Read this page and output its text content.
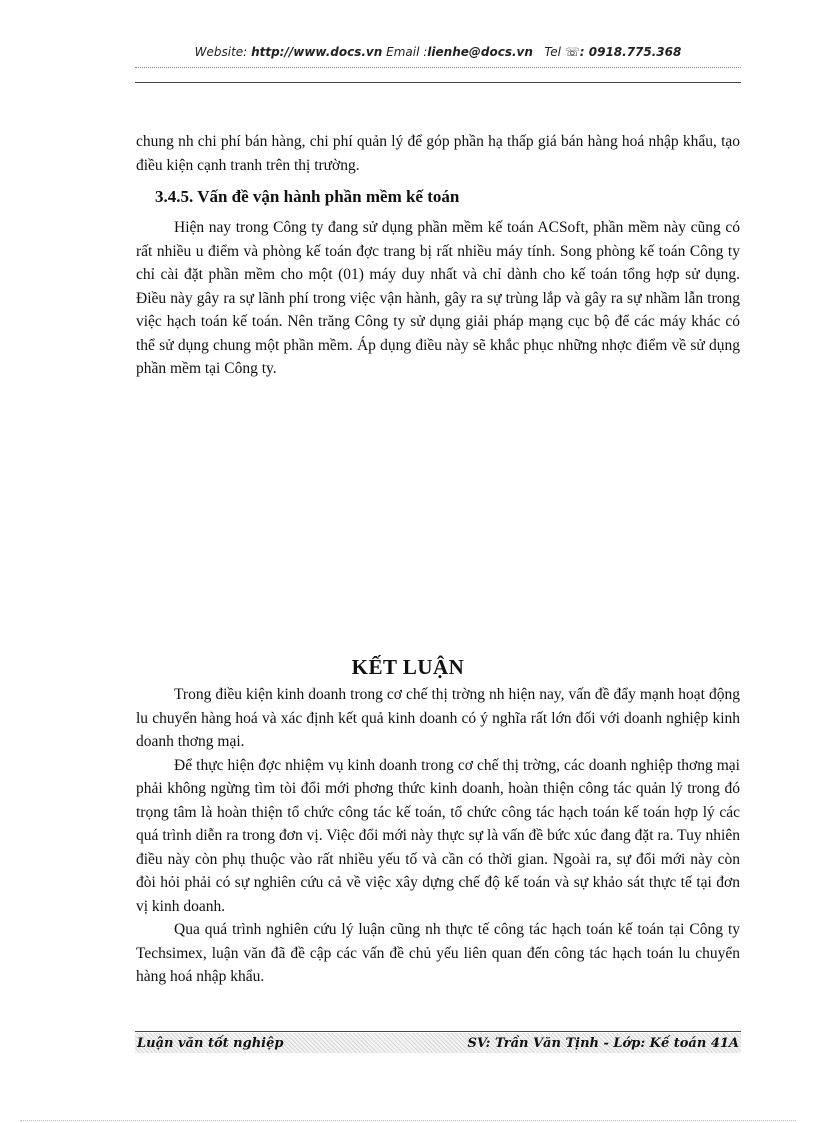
Website: http://www.docs.vn Email :lienhe@docs.vn Tel ☏: 0918.775.368

chung nh chi phí bán hàng, chi phí quản lý để góp phần hạ thấp giá bán hàng hoá nhập khẩu, tạo điều kiện cạnh tranh trên thị trường.

3.4.5. Vấn đề vận hành phần mềm kế toán

Hiện nay trong Công ty đang sử dụng phần mềm kế toán ACSoft, phần mềm này cũng có rất nhiều u điểm và phòng kế toán đợc trang bị rất nhiều máy tính. Song phòng kế toán Công ty chỉ cài đặt phần mềm cho một (01) máy duy nhất và chỉ dành cho kế toán tổng hợp sử dụng. Điều này gây ra sự lãnh phí trong việc vận hành, gây ra sự trùng lắp và gây ra sự nhầm lẫn trong việc hạch toán kế toán. Nên trăng Công ty sử dụng giải pháp mạng cục bộ để các máy khác có thể sử dụng chung một phần mềm. Áp dụng điều này sẽ khắc phục những nhợc điểm về sử dụng phần mềm tại Công ty.

KẾT LUẬN

Trong điều kiện kinh doanh trong cơ chế thị trờng nh hiện nay, vấn đề đẩy mạnh hoạt động lu chuyển hàng hoá và xác định kết quả kinh doanh có ý nghĩa rất lớn đối với doanh nghiệp kinh doanh thơng mại.

Để thực hiện đợc nhiệm vụ kinh doanh trong cơ chế thị trờng, các doanh nghiệp thơng mại phải không ngừng tìm tòi đổi mới phơng thức kinh doanh, hoàn thiện công tác quản lý trong đó trọng tâm là hoàn thiện tổ chức công tác kế toán, tổ chức công tác hạch toán kế toán hợp lý các quá trình diễn ra trong đơn vị. Việc đổi mới này thực sự là vấn đề bức xúc đang đặt ra. Tuy nhiên điều này còn phụ thuộc vào rất nhiều yếu tố và cần có thời gian. Ngoài ra, sự đổi mới này còn đòi hỏi phải có sự nghiên cứu cả về việc xây dựng chế độ kế toán và sự khảo sát thực tế tại đơn vị kinh doanh.

Qua quá trình nghiên cứu lý luận cũng nh thực tế công tác hạch toán kế toán tại Công ty Techsimex, luận văn đã đề cập các vấn đề chủ yếu liên quan đến công tác hạch toán lu chuyển hàng hoá nhập khẩu.

Luận văn tốt nghiệp	SV: Trần Văn Tịnh - Lớp: Kế toán 41A
